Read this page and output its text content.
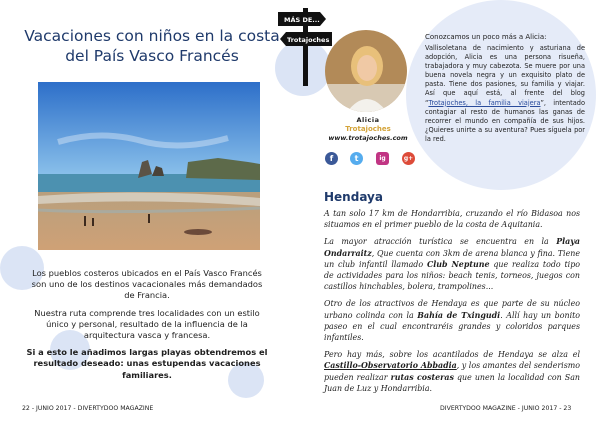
Vacaciones con niños en la costa del País Vasco Francés

Los pueblos costeros ubicados en el País Vasco Francés son uno de los destinos vacacionales más demandados de Francia.

Nuestra ruta comprende tres localidades con un estilo único y personal, resultado de la influencia de la arquitectura vasca y francesa.

Si a esto le añadimos largas playas obtendremos el resultado deseado: unas estupendas vacaciones familiares.

MÁS DE...
Trotajoches
Alicia
Trotajoches
www.trotajoches.com
f	t	ig	g+
Conozcamos un poco más a Alicia:
Vallisoletana de nacimiento y asturiana de adopción, Alicia es una persona risueña, trabajadora y muy cabezota. Se muere por una buena novela negra y un exquisito plato de pasta. Tiene dos pasiones, su familia y viajar. Así que aquí está, al frente del blog “Trotajoches, la familia viajera”, intentado contagiar al resto de humanos las ganas de recorrer el mundo en compañía de sus hijos. ¿Quieres unirte a su aventura? Pues síguela por la red.
Hendaya

A tan solo 17 km de Hondarribia, cruzando el río Bidasoa nos situamos en el primer pueblo de la costa de Aquitania.

La mayor atracción turística se encuentra en la Playa Ondarraitz, Que cuenta con 3km de arena blanca y fina. Tiene un club infantil llamado Club Neptune que realiza todo tipo de actividades para los niños: beach tenis, torneos, juegos con castillos hinchables, bolera, trampolines...

Otro de los atractivos de Hendaya es que parte de su núcleo urbano colinda con la Bahía de Txingudi. Allí hay un bonito paseo en el cual encontraréis grandes y coloridos parques infantiles.

Pero hay más, sobre los acantilados de Hendaya se alza el Castillo-Observatorio Abbadia, y los amantes del senderismo pueden realizar rutas costeras que unen la localidad con San Juan de Luz y Hondarribia.

22 - JUNIO 2017 - DIVERTYDOO MAGAZINE	DIVERTYDOO MAGAZINE - JUNIO 2017 - 23
